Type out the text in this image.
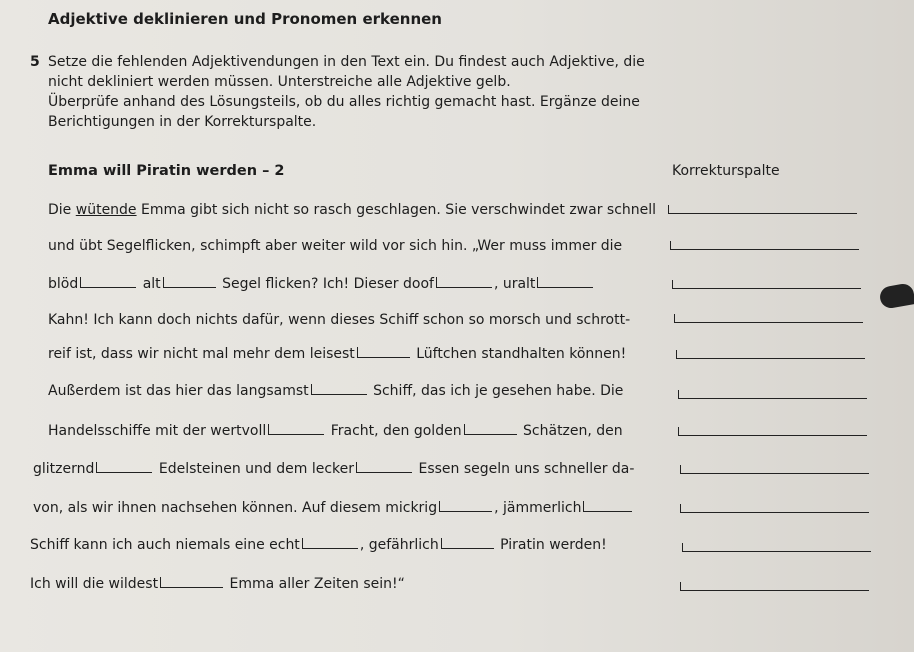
Adjektive deklinieren und Pronomen erkennen
5 Setze die fehlenden Adjektivendungen in den Text ein. Du findest auch Adjektive, die
nicht dekliniert werden müssen. Unterstreiche alle Adjektive gelb.
Überprüfe anhand des Lösungsteils, ob du alles richtig gemacht hast. Ergänze deine
Berichtigungen in der Korrekturspalte.
Emma will Piratin werden – 2	Korrekturspalte
Die wütende Emma gibt sich nicht so rasch geschlagen. Sie verschwindet zwar schnell
und übt Segelflicken, schimpft aber weiter wild vor sich hin. „Wer muss immer die
blöd	alt	Segel flicken? Ich! Dieser doof	, uralt
Kahn! Ich kann doch nichts dafür, wenn dieses Schiff schon so morsch und schrott-
reif ist, dass wir nicht mal mehr dem leisest	Lüftchen standhalten können!
Außerdem ist das hier das langsamst	Schiff, das ich je gesehen habe. Die
Handelsschiffe mit der wertvoll	Fracht, den golden	Schätzen, den
glitzernd	Edelsteinen und dem lecker	Essen segeln uns schneller da-
von, als wir ihnen nachsehen können. Auf diesem mickrig	, jämmerlich
Schiff kann ich auch niemals eine echt	, gefährlich	Piratin werden!
Ich will die wildest	Emma aller Zeiten sein!“
